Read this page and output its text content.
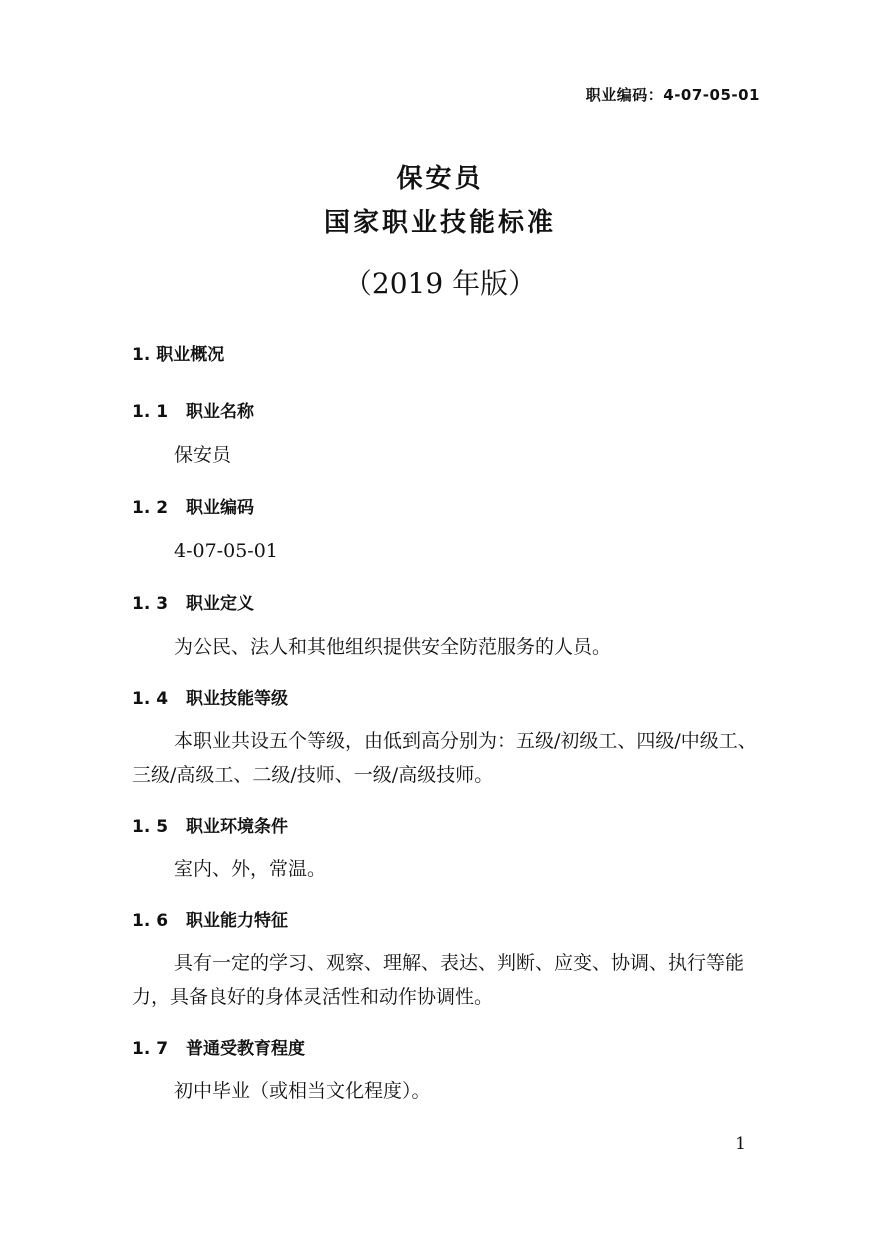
职业编码：4-07-05-01
保安员
国家职业技能标准
（2019 年版）
1. 职业概况
1. 1 职业名称
保安员
1. 2 职业编码
4-07-05-01
1. 3 职业定义
为公民、法人和其他组织提供安全防范服务的人员。
1. 4 职业技能等级
本职业共设五个等级，由低到高分别为：五级/初级工、四级/中级工、三级/高级工、二级/技师、一级/高级技师。
1. 5 职业环境条件
室内、外，常温。
1. 6 职业能力特征
具有一定的学习、观察、理解、表达、判断、应变、协调、执行等能力，具备良好的身体灵活性和动作协调性。
1. 7 普通受教育程度
初中毕业（或相当文化程度）。
1
